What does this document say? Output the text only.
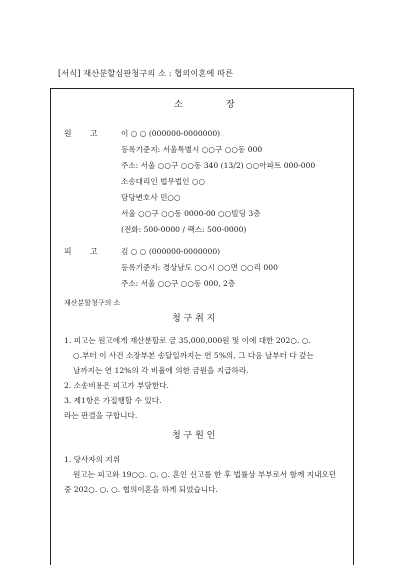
[서식] 재산분할심판청구의 소 : 협의이혼에 따른
소	장
원 고	이 ○ ○ (000000-0000000)
등록기준지: 서울특별시 ○○구 ○○동 000
주소: 서울 ○○구 ○○동 340 (13/2) ○○아파트 000-000
소송대리인 법무법인 ○○
담당변호사 민○○
서울 ○○구 ○○동 0000-00 ○○빌딩 3층
(전화: 500-0000 / 팩스: 500-0000)
피 고	김 ○ ○ (000000-0000000)
등록기준지: 경상남도 ○○시 ○○면 ○○리 000
주소: 서울 ○○구 ○○동 000, 2층
재산분할청구의 소
청 구 취 지
1. 피고는 원고에게 재산분할로 금 35,000,000원 및 이에 대한 202○. ○.
○.부터 이 사건 소장부본 송달일까지는 연 5%의, 그 다음 날부터 다 갚는
날까지는 연 12%의 각 비율에 의한 금원을 지급하라.
2. 소송비용은 피고가 부담한다.
3. 제1항은 가집행할 수 있다.
라는 판결을 구합니다.
청 구 원 인
1. 당사자의 지위
원고는 피고와 19○○. ○. ○. 혼인 신고를 한 후 법률상 부부로서 함께 지내오던
중 202○. ○. ○. 협의이혼을 하게 되었습니다.
